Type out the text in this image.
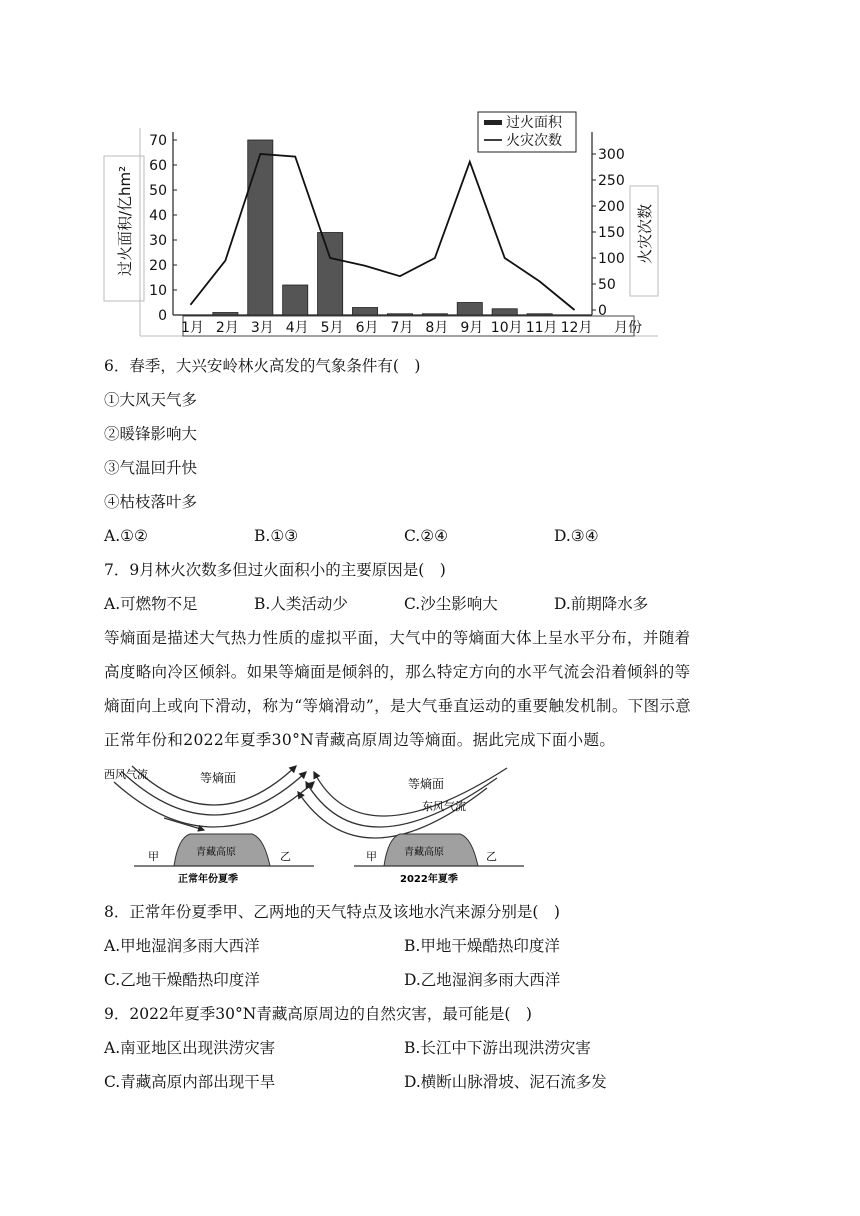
0
10
20
30
40
50
60
70
0
50
100
150
200
250
300
1月 2月 3月 4月 5月 6月 7月 8月 9月 10月 11月 12月 月份
过火面积
火灾次数
过火面积/亿hm²	火灾次数
6．春季，大兴安岭林火高发的气象条件有(　)
①大风天气多
②暖锋影响大
③气温回升快
④枯枝落叶多
A.①②	B.①③	C.②④	D.③④
7．9月林火次数多但过火面积小的主要原因是(　)
A.可燃物不足	B.人类活动少	C.沙尘影响大	D.前期降水多
等熵面是描述大气热力性质的虚拟平面，大气中的等熵面大体上呈水平分布，并随着
高度略向冷区倾斜。如果等熵面是倾斜的，那么特定方向的水平气流会沿着倾斜的等
熵面向上或向下滑动，称为“等熵滑动”，是大气垂直运动的重要触发机制。下图示意
正常年份和2022年夏季30°N青藏高原周边等熵面。据此完成下面小题。
西风气流	等熵面
青藏高原
甲	乙
正常年份夏季
等熵面
东风气流
青藏高原
甲	乙
2022年夏季
8．正常年份夏季甲、乙两地的天气特点及该地水汽来源分别是(　)
A.甲地湿润多雨大西洋	B.甲地干燥酷热印度洋
C.乙地干燥酷热印度洋	D.乙地湿润多雨大西洋
9．2022年夏季30°N青藏高原周边的自然灾害，最可能是(　)
A.南亚地区出现洪涝灾害	B.长江中下游出现洪涝灾害
C.青藏高原内部出现干旱	D.横断山脉滑坡、泥石流多发
